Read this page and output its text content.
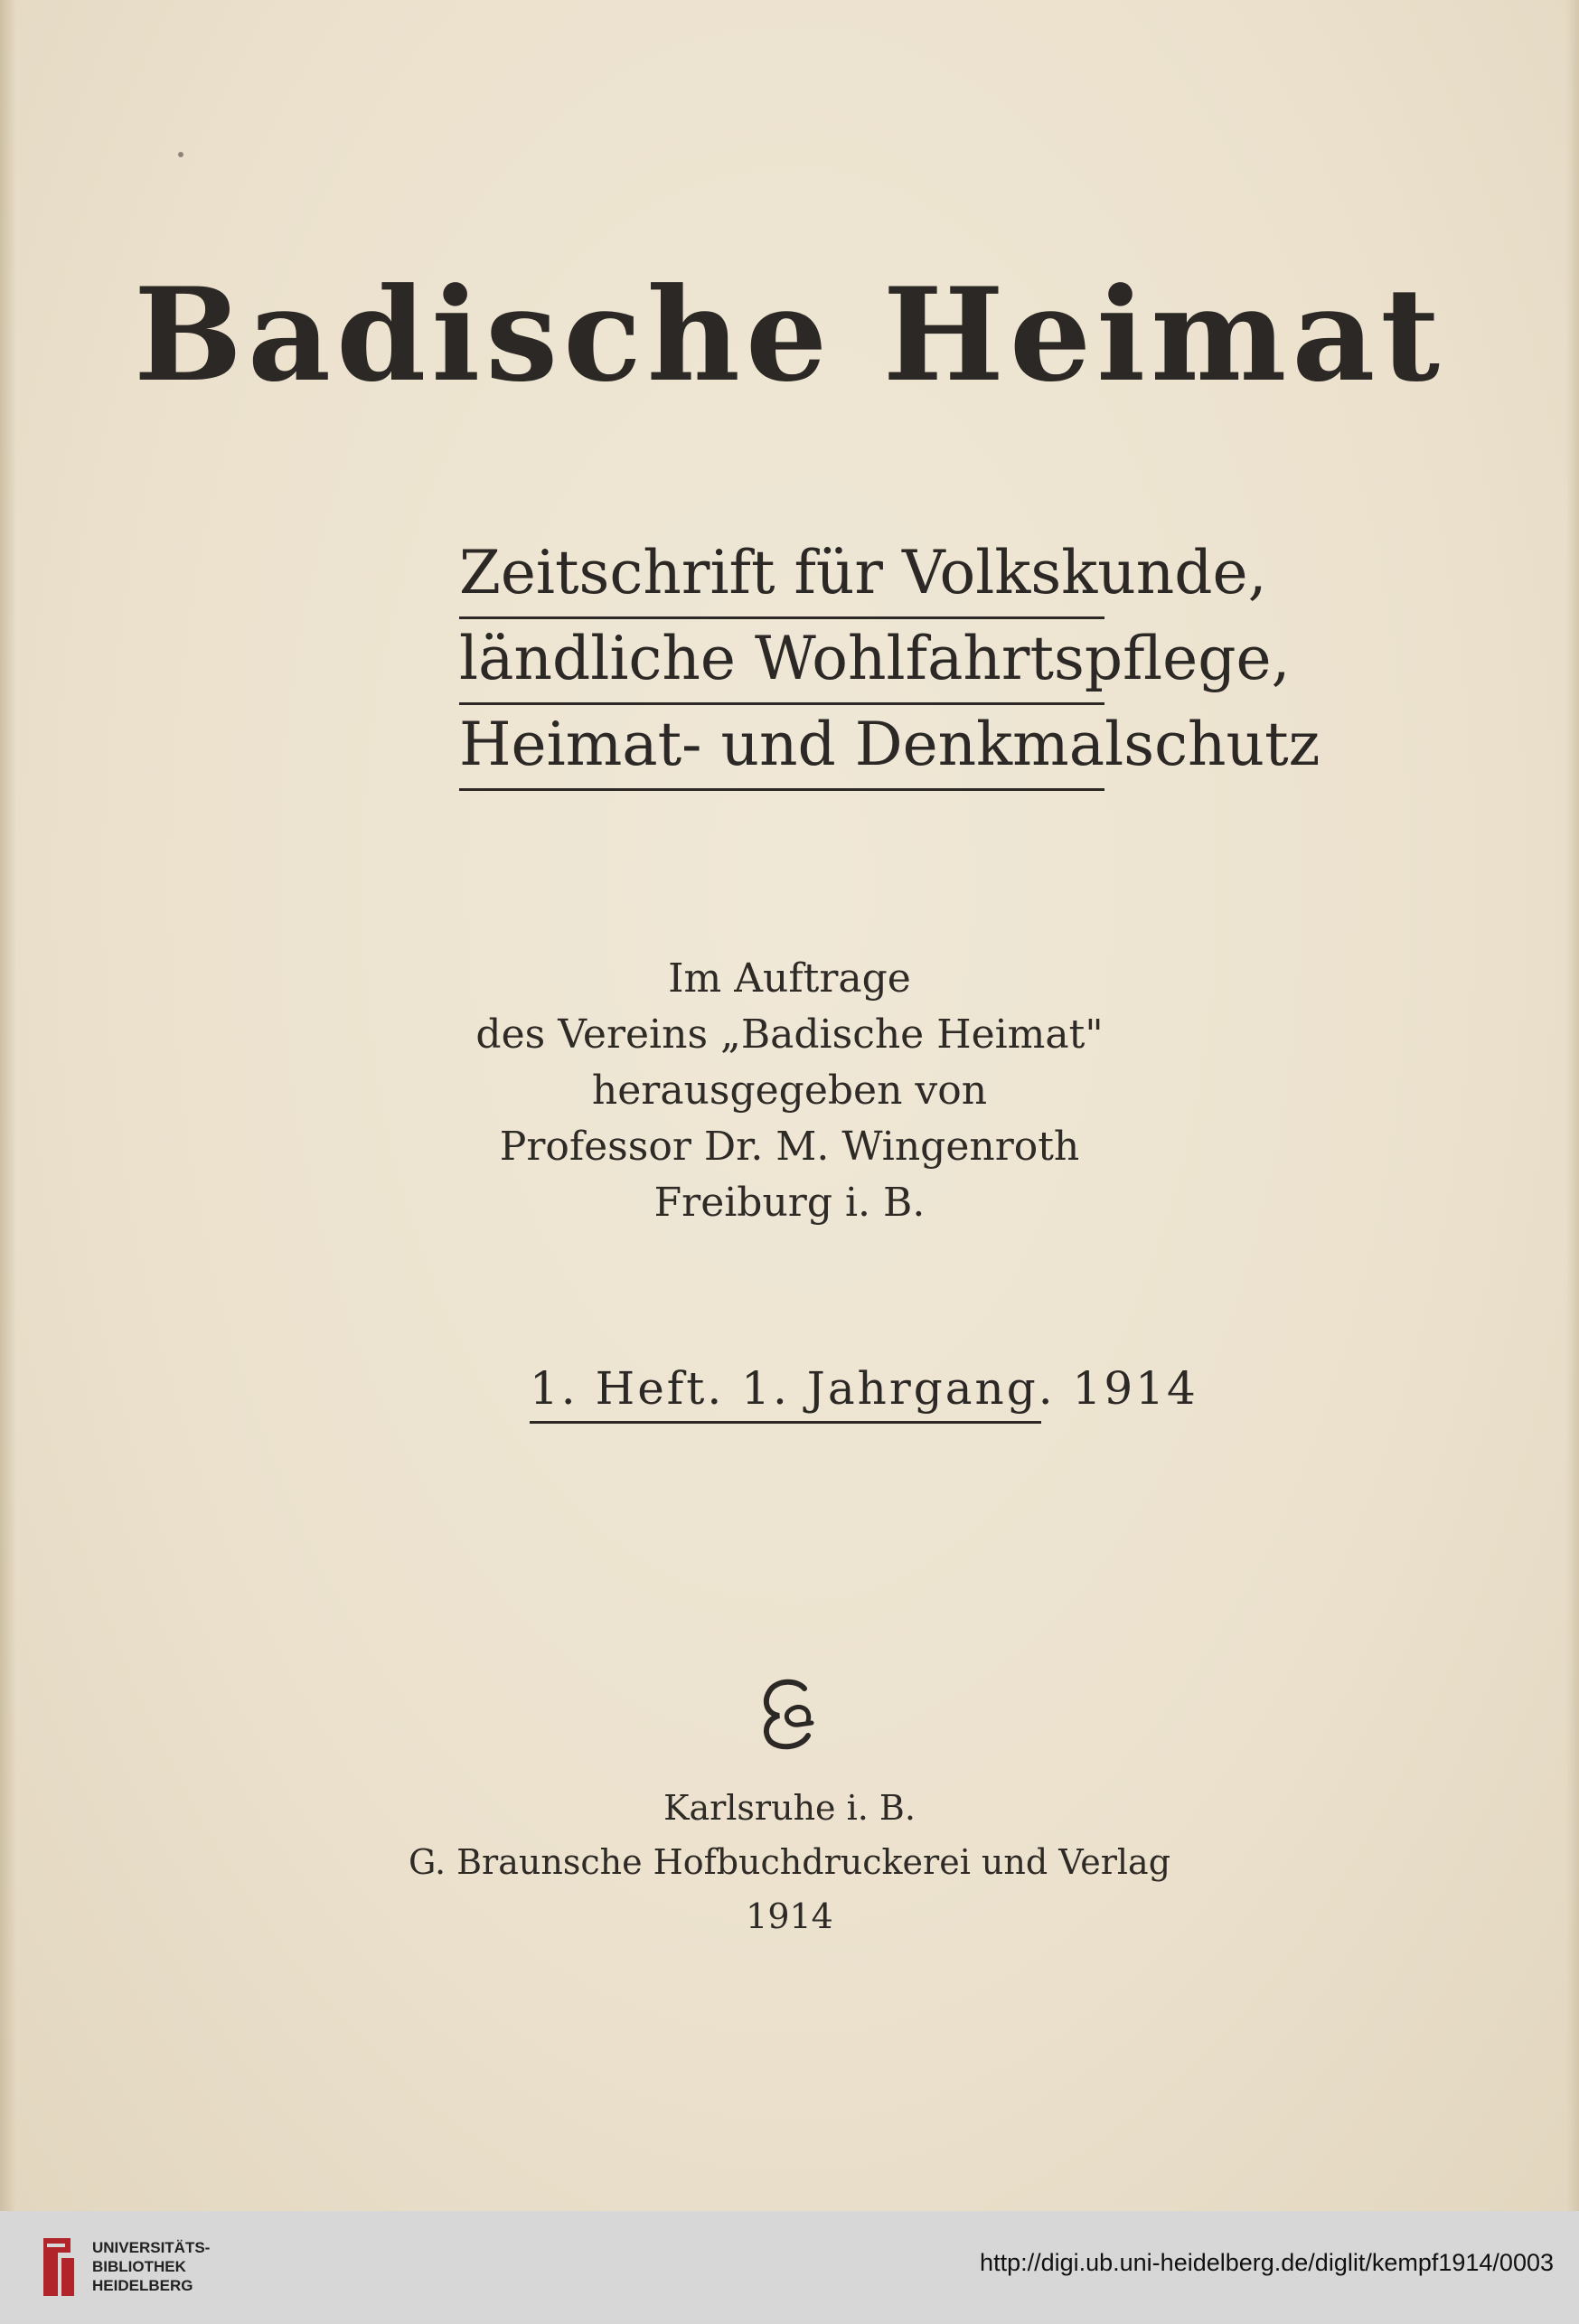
Badische Heimat
Zeitschrift für Volkskunde,
ländliche Wohlfahrtspflege,
Heimat- und Denkmalschutz
Im Auftrage
des Vereins „Badische Heimat"
herausgegeben von
Professor Dr. M. Wingenroth
Freiburg i. B.
1. Heft. 1. Jahrgang. 1914
Karlsruhe i. B.
G. Braunsche Hofbuchdruckerei und Verlag
1914
UNIVERSITÄTS-
BIBLIOTHEK
HEIDELBERG
http://digi.ub.uni-heidelberg.de/diglit/kempf1914/0003
